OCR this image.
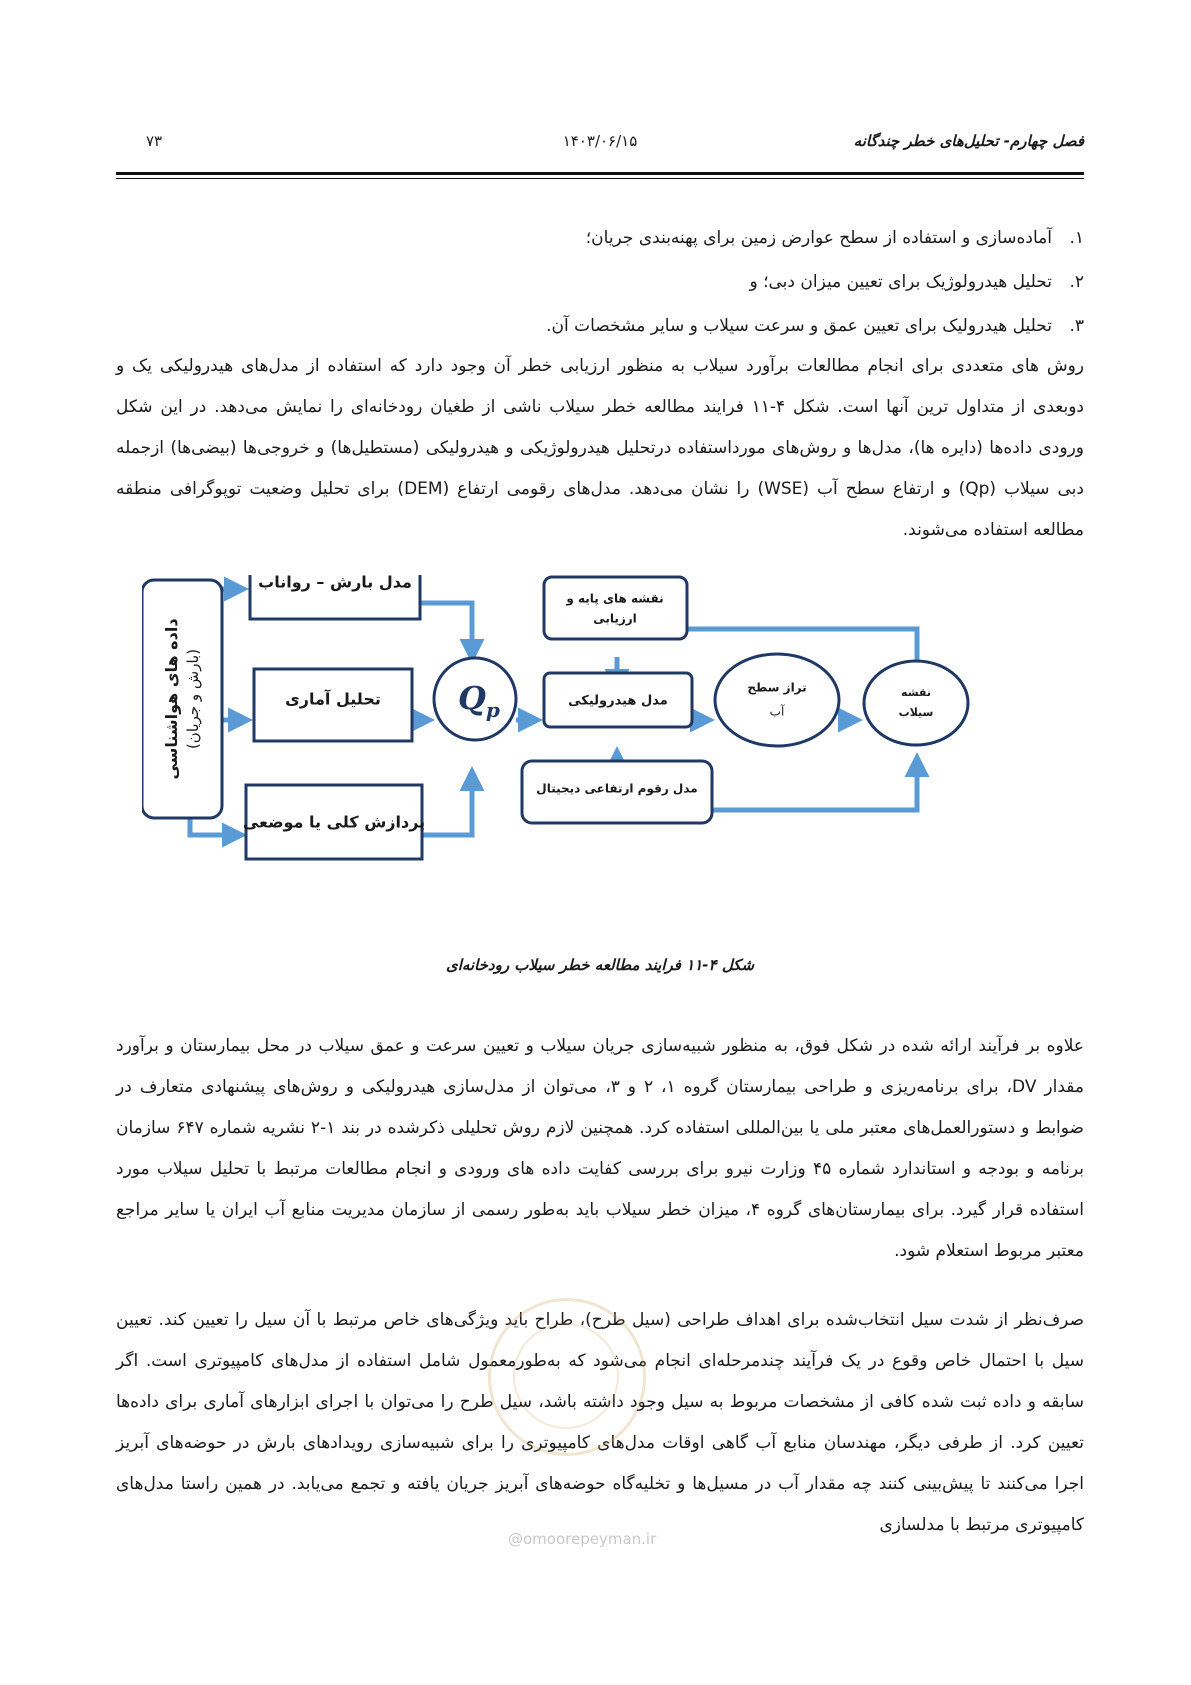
فصل چهارم- تحلیل‌های خطر چندگانه
۱۴۰۳/۰۶/۱۵
۷۳
۱.آماده‌سازی و استفاده از سطح عوارض زمین برای پهنه‌بندی جریان؛
۲.تحلیل هیدرولوژیک برای تعیین میزان دبی؛ و
۳.تحلیل هیدرولیک برای تعیین عمق و سرعت سیلاب و سایر مشخصات آن.

روش های متعددی برای انجام مطالعات برآورد سیلاب به منظور ارزیابی خطر آن وجود دارد که استفاده از مدل‌های هیدرولیکی یک و دوبعدی از متداول ترین آنها است. شکل ۴-۱۱ فرایند مطالعه خطر سیلاب ناشی از طغیان رودخانه‌ای را نمایش می‌دهد. در این شکل ورودی داده‌ها (دایره ها)، مدل‌ها و روش‌های مورداستفاده درتحلیل هیدرولوژیکی و هیدرولیکی (مستطیل‌ها) و خروجی‌ها (بیضی‌ها) ازجمله دبی سیلاب (Qp) و ارتفاع سطح آب (WSE) را نشان می‌دهد. مدل‌های رقومی ارتفاع (DEM) برای تحلیل وضعیت توپوگرافی منطقه مطالعه استفاده می‌شوند.

داده های هواشناسی (بارش و جریان)
مدل بارش – رواناب
تحلیل آماری
پردازش کلی یا موضعی
$Q_p$
نقشه های پایه و
ارزیابی
مدل هیدرولیکی
مدل رقوم ارتفاعی دیجیتال
تراز سطح
آب
نقشه
سیلاب
شکل ۴-۱۱ فرایند مطالعه خطر سیلاب رودخانه‌ای

علاوه بر فرآیند ارائه شده در شکل فوق، به منظور شبیه‌سازی جریان سیلاب و تعیین سرعت و عمق سیلاب در محل بیمارستان و برآورد مقدار DV، برای برنامه‌ریزی و طراحی بیمارستان گروه ۱، ۲ و ۳، می‌توان از مدل‌سازی هیدرولیکی و روش‌های پیشنهادی متعارف در ضوابط و دستورالعمل‌های معتبر ملی یا بین‌المللی استفاده کرد. همچنین لازم روش تحلیلی ذکرشده در بند ۱-۲ نشریه شماره ۶۴۷ سازمان برنامه و بودجه و استاندارد شماره ۴۵ وزارت نیرو برای بررسی کفایت داده های ورودی و انجام مطالعات مرتبط با تحلیل سیلاب مورد استفاده قرار گیرد. برای بیمارستان‌های گروه ۴، میزان خطر سیلاب باید به‌طور رسمی از سازمان مدیریت منابع آب ایران یا سایر مراجع معتبر مربوط استعلام شود.

صرف‌نظر از شدت سیل انتخاب‌شده برای اهداف طراحی (سیل طرح)، طراح باید ویژگی‌های خاص مرتبط با آن سیل را تعیین کند. تعیین سیل با احتمال خاص وقوع در یک فرآیند چندمرحله‌ای انجام می‌شود که به‌طورمعمول شامل استفاده از مدل‌های کامپیوتری است. اگر سابقه و داده ثبت شده کافی از مشخصات مربوط به سیل وجود داشته باشد، سیل طرح را می‌توان با اجرای ابزارهای آماری برای داده‌ها تعیین کرد. از طرفی دیگر، مهندسان منابع آب گاهی اوقات مدل‌های کامپیوتری را برای شبیه‌سازی رویدادهای بارش در حوضه‌های آبریز اجرا می‌کنند تا پیش‌بینی کنند چه مقدار آب در مسیل‌ها و تخلیه‌گاه حوضه‌های آبریز جریان یافته و تجمع می‌یابد. در همین راستا مدل‌های کامپیوتری مرتبط با مدلسازی

@omoorepeyman.ir
